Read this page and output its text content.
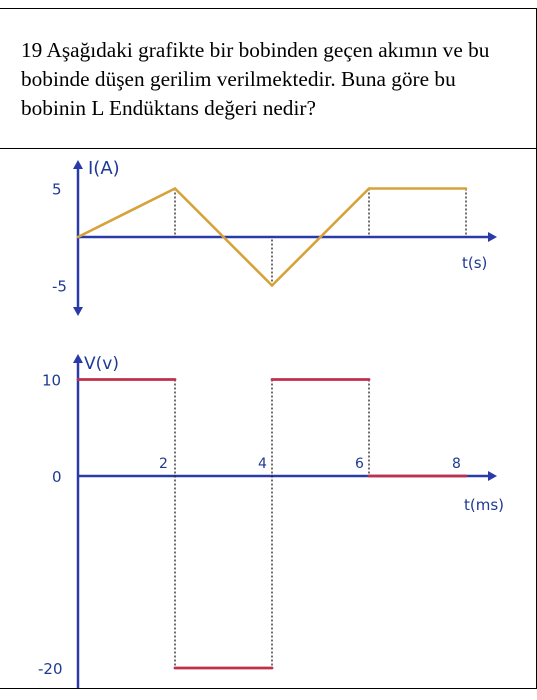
19 Aşağıdaki grafikte bir bobinden geçen akımın ve bu bobinde düşen gerilim verilmektedir. Buna göre bu bobinin L Endüktans değeri nedir?
I(A)
t(s)
5
-5
V(v)
t(ms)
10
0
-20
2	4	6	8
